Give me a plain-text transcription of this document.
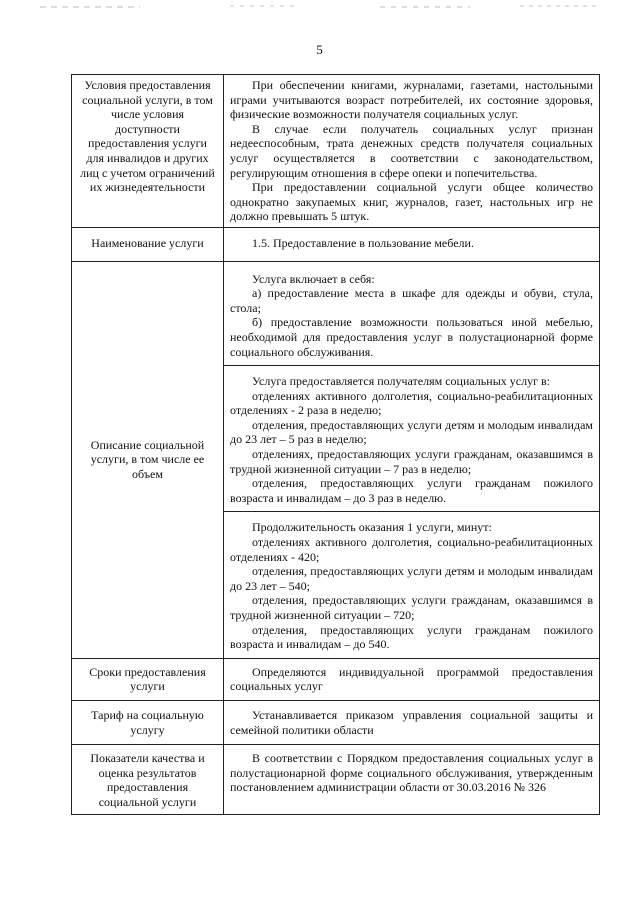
5
Условия предоставления социальной услуги, в том числе условия доступности предоставления услуги для инвалидов и других лиц с учетом ограничений их жизнедеятельности	При обеспечении книгами, журналами, газетами, настольными играми учитываются возраст потребителей, их состояние здоровья, физические возможности получателя социальных услуг.

В случае если получатель социальных услуг признан недееспособным, трата денежных средств получателя социальных услуг осуществляется в соответствии с законодательством, регулирующим отношения в сфере опеки и попечительства.

При предоставлении социальной услуги общее количество однократно закупаемых книг, журналов, газет, настольных игр не должно превышать 5 штук.

Наименование услуги	1.5. Предоставление в пользование мебели.

Описание социальной услуги, в том числе ее объем	Услуга включает в себя:

а) предоставление места в шкафе для одежды и обуви, стула, стола;

б) предоставление возможности пользоваться иной мебелью, необходимой для предоставления услуг в полустационарной форме социального обслуживания.

	Услуга предоставляется получателям социальных услуг в:

отделениях активного долголетия, социально-реабилитационных отделениях - 2 раза в неделю;

отделения, предоставляющих услуги детям и молодым инвалидам до 23 лет – 5 раз в неделю;

отделениях, предоставляющих услуги гражданам, оказавшимся в трудной жизненной ситуации – 7 раз в неделю;

отделения, предоставляющих услуги гражданам пожилого возраста и инвалидам – до 3 раз в неделю.

	Продолжительность оказания 1 услуги, минут:

отделениях активного долголетия, социально-реабилитационных отделениях - 420;

отделения, предоставляющих услуги детям и молодым инвалидам до 23 лет – 540;

отделения, предоставляющих услуги гражданам, оказавшимся в трудной жизненной ситуации – 720;

отделения, предоставляющих услуги гражданам пожилого возраста и инвалидам – до 540.

Сроки предоставления услуги	Определяются индивидуальной программой предоставления социальных услуг

Тариф на социальную услугу	Устанавливается приказом управления социальной защиты и семейной политики области

Показатели качества и оценка результатов предоставления социальной услуги	В соответствии с Порядком предоставления социальных услуг в полустационарной форме социального обслуживания, утвержденным постановлением администрации области от 30.03.2016 № 326
